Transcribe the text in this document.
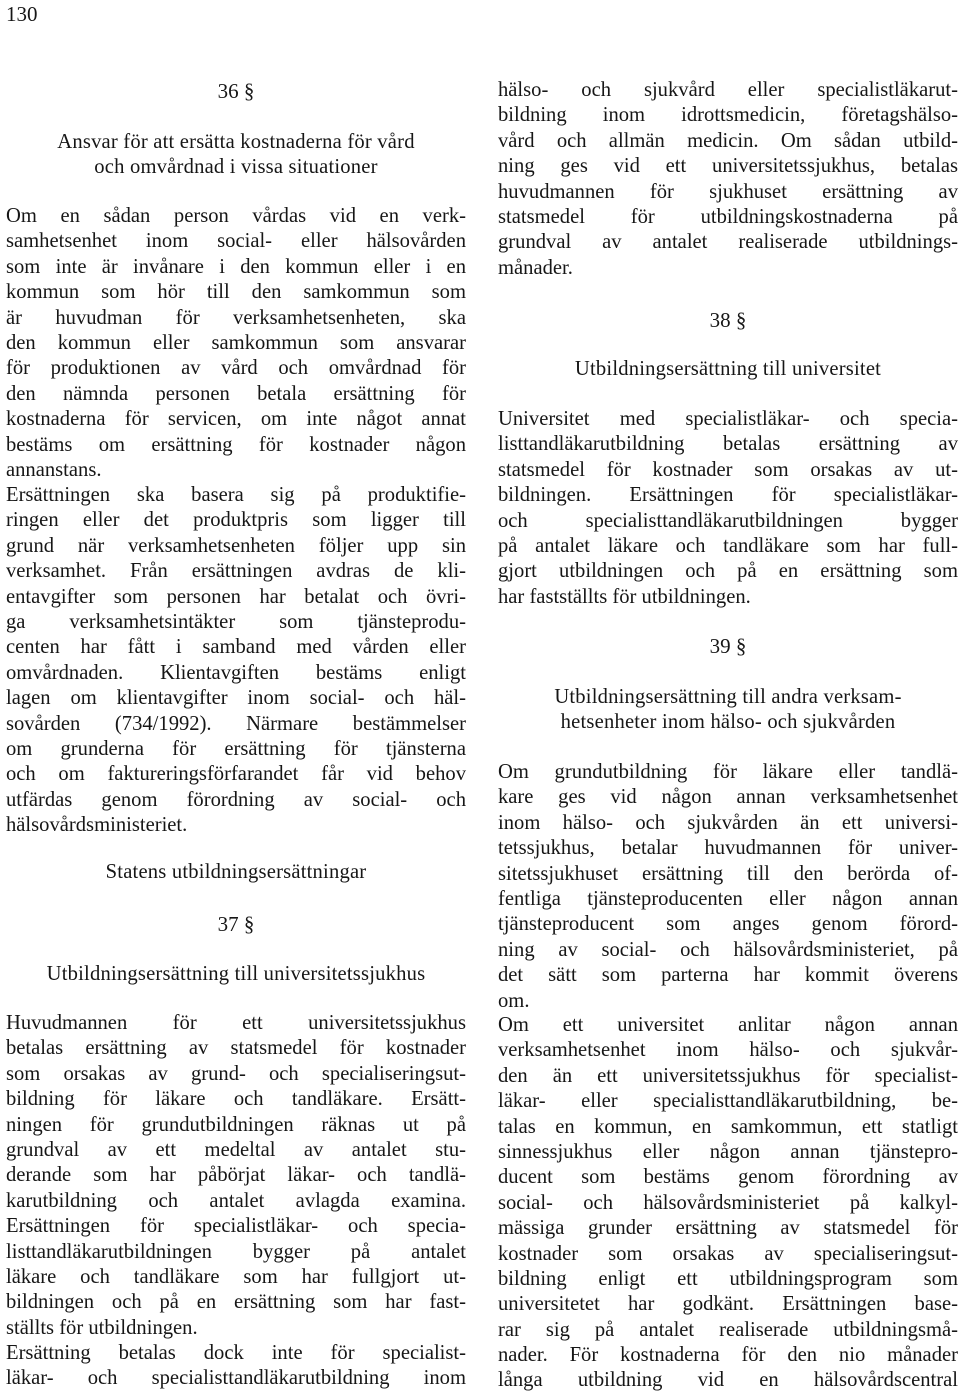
130
36 §
Ansvar för att ersätta kostnaderna för vård
och omvårdnad i vissa situationer
Om en sådan person vårdas vid en verk-
samhetsenhet inom social- eller hälsovården
som inte är invånare i den kommun eller i en
kommun som hör till den samkommun som
är huvudman för verksamhetsenheten, ska
den kommun eller samkommun som ansvarar
för produktionen av vård och omvårdnad för
den nämnda personen betala ersättning för
kostnaderna för servicen, om inte något annat
bestäms om ersättning för kostnader någon
annanstans.
Ersättningen ska basera sig på produktifie-
ringen eller det produktpris som ligger till
grund när verksamhetsenheten följer upp sin
verksamhet. Från ersättningen avdras de kli-
entavgifter som personen har betalat och övri-
ga verksamhetsintäkter som tjänsteprodu-
centen har fått i samband med vården eller
omvårdnaden. Klientavgiften bestäms enligt
lagen om klientavgifter inom social- och häl-
sovården (734/1992). Närmare bestämmelser
om grunderna för ersättning för tjänsterna
och om faktureringsförfarandet får vid behov
utfärdas genom förordning av social- och
hälsovårdsministeriet.
Statens utbildningsersättningar
37 §
Utbildningsersättning till universitetssjukhus
Huvudmannen för ett universitetssjukhus
betalas ersättning av statsmedel för kostnader
som orsakas av grund- och specialiseringsut-
bildning för läkare och tandläkare. Ersätt-
ningen för grundutbildningen räknas ut på
grundval av ett medeltal av antalet stu-
derande som har påbörjat läkar- och tandlä-
karutbildning och antalet avlagda examina.
Ersättningen för specialistläkar- och specia-
listtandläkarutbildningen bygger på antalet
läkare och tandläkare som har fullgjort ut-
bildningen och på en ersättning som har fast-
ställts för utbildningen.
Ersättning betalas dock inte för specialist-
läkar- och specialisttandläkarutbildning inom
hälso- och sjukvård eller specialistläkarut-
bildning inom idrottsmedicin, företagshälso-
vård och allmän medicin. Om sådan utbild-
ning ges vid ett universitetssjukhus, betalas
huvudmannen för sjukhuset ersättning av
statsmedel för utbildningskostnaderna på
grundval av antalet realiserade utbildnings-
månader.
38 §
Utbildningsersättning till universitet
Universitet med specialistläkar- och specia-
listtandläkarutbildning betalas ersättning av
statsmedel för kostnader som orsakas av ut-
bildningen. Ersättningen för specialistläkar-
och specialisttandläkarutbildningen bygger
på antalet läkare och tandläkare som har full-
gjort utbildningen och på en ersättning som
har fastställts för utbildningen.
39 §
Utbildningsersättning till andra verksam-
hetsenheter inom hälso- och sjukvården
Om grundutbildning för läkare eller tandlä-
kare ges vid någon annan verksamhetsenhet
inom hälso- och sjukvården än ett universi-
tetssjukhus, betalar huvudmannen för univer-
sitetssjukhuset ersättning till den berörda of-
fentliga tjänsteproducenten eller någon annan
tjänsteproducent som anges genom förord-
ning av social- och hälsovårdsministeriet, på
det sätt som parterna har kommit överens
om.
Om ett universitet anlitar någon annan
verksamhetsenhet inom hälso- och sjukvår-
den än ett universitetssjukhus för specialist-
läkar- eller specialisttandläkarutbildning, be-
talas en kommun, en samkommun, ett statligt
sinnessjukhus eller någon annan tjänstepro-
ducent som bestäms genom förordning av
social- och hälsovårdsministeriet på kalkyl-
mässiga grunder ersättning av statsmedel för
kostnader som orsakas av specialiseringsut-
bildning enligt ett utbildningsprogram som
universitetet har godkänt. Ersättningen base-
rar sig på antalet realiserade utbildningsmå-
nader. För kostnaderna för den nio månader
långa utbildning vid en hälsovårdscentral
